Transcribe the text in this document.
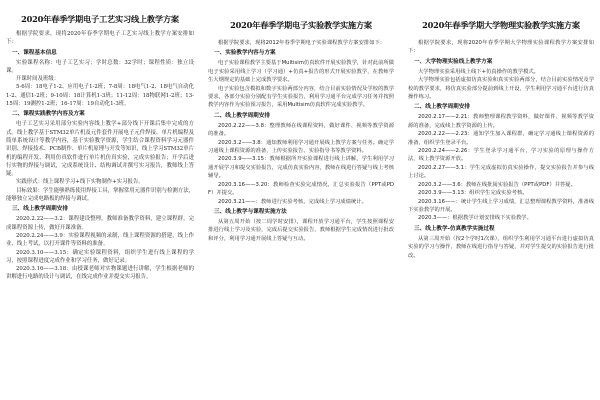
2020年春季学期电子工艺实习线上教学方案
根据学院要求，现将2020年春季学期电子工艺实习线上教学方案安排如下：
一、课程基本信息
实验课程名称：电子工艺实习；学时总数：32学时；课程性质：独立设课。
开课时间及班级：
5-6周：18电子1-2、应用电子1-2班；7-8周：18电气1-2、18电气自动化1-2、通信1-2班；9-10周：18计算机1-3班；11-12周：18物联网1-2班；13-15周：19测控1-2班；16-17周：19自动化1-3班。
二、课程实践教学内容及方案
电子工艺实习采用部分实验内容线上教学+部分线下开课后集中完成的方式。线上教学基于STM32单片机及元件套件开展电子元件焊接、单片机编程及简单系统设计等教学内容，基于实验教学资源，学生结合课程资料学习元器件识别、焊接技术、PCB制作、单片机原理与开发等知识，线上学习STM32单片机的编程开发、利用仿真软件进行单片机仿真实验，完成实验报告；开学后进行实物的焊接与调试，完成系统设计、结构调试并撰写实习报告，教师线上答疑。
实践形式：线上课程学习+线下实物制作+实习报告。
目标效果：学生能够熟练使用焊接工具，掌握常用元器件识别与检测方法，能够独立完成电路板的焊接与调试。
三、线上教学周期安排
2020.2.22——3.2：课程建设整理，教师准备教学资料，建立课程群，完成课程资源上传，做好开课准备。
2020.2.24——3.9：实验课程视频的录制，线上课程资源的搭建，线上作业、线上考试，以打开课件等资料的准备。
2020.3.10——3.15：确定实验课程资料，组织学生进行线上课程的学习，按照课程进度完成作业和学习任务，做好记录。
2020.3.16——3.18：由授课老师对实物课题进行讲解，学生根据老师的讲解进行电路的设计与调试，在线完成作业并提交实习报告。
2020年春季学期电子实验教学实施方案
根据学院要求，现将2012年春季学期电子实验课程教学方案安排如下：
一、实验教学内容与方案
电子实验课程教学主要基于Multisim仿真软件开展实验教学，针对此前所做电子实验采用线上学习（学习通）+仿真+报告的形式开展实验教学，在教师学生大纲规定的基础上完成教学要求。
电子实验包含模拟和数字实验两部分内容，结合目前实验情况及学校的教学要求，各部分实验分别配有学生实验报告，利用学习通平台完成学习任务并按照教学内容作为实验预习报告，采用Multisim仿真软件完成实验教学。
二、线上教学周期安排
2020.2.22——3.8：整理教师在线课程资料，做好课件、视频等教学资源的准备。
2020.3.2——3.8：通知教师利用学习通开展线上教学方案与任务。确定学习通线上课程资源的准备，上传实验报告、实验指导书等教学资料。
2020.3.9——3.15：教师根据所开实验课程进行线上讲解，学生利用学习通开展学习和提交实验报告，完成仿真实验内容，教师在线进行答疑与线上考核辅导。
2020.3.16——3.20：教师检查实验完成情况，汇总实验报告（PPT或PDF）并提交。
2020.3.21——：教师进行实验考核，完成线上学习成绩统计。
三、线上教学与课程实施方法
从第五周开始（按二周学时安排），课程开放学习通平台，学生按照课程安排进行线上学习及实验，完成后提交实验报告，教师根据学生完成情况进行批改和评分，利用学习通开展线上答疑与互动。
2020年春季学期大学物理实验教学实施方案
根据学院要求，现将2020年春季学期大学物理实验课程教学方案安排如下：
一、大学物理实验线上教学方案
大学物理实验采用线上线下+仿真操作的教学模式。
大学物理实验包括虚拟仿真实验和真实实验两部分，结合目前实验情况及学校的教学要求，将仿真实验部分提前到线上开设，学生利用学习通平台进行仿真操作练习。
二、线上教学周期安排
2020.2.17——2.21：教师整理课程教学资料，做好课件、视频等教学资源的准备，完成线上教学资源的上传。
2020.2.22——2.23：通知学生加入课程群，确定学习通线上课程资源的准备，组织学生登录平台。
2020.2.24——2.26：学生登录学习通平台，学习实验的原理与操作方法，线上教学资源开放。
2020.2.27——3.1：学生完成虚拟仿真实验操作，提交实验报告并参与线上讨论。
2020.3.2——3.6：教师在线批阅实验报告（PPT或PDF）并答疑。
2020.3.9——3.13：组织学生完成实验考核。
2020.3.16——：统计学生线上学习成绩，汇总整理课程教学资料，准备线下实验教学的开展。
2020.3——：根据教学计划安排线下实验教学。
三、线上教学-仿真教学实施过程
从第三周开始（按2个学时1次课），组织学生利用学习通平台进行虚拟仿真实验的学习与操作，教师在线进行指导与答疑，并对学生提交的实验报告进行批改。
